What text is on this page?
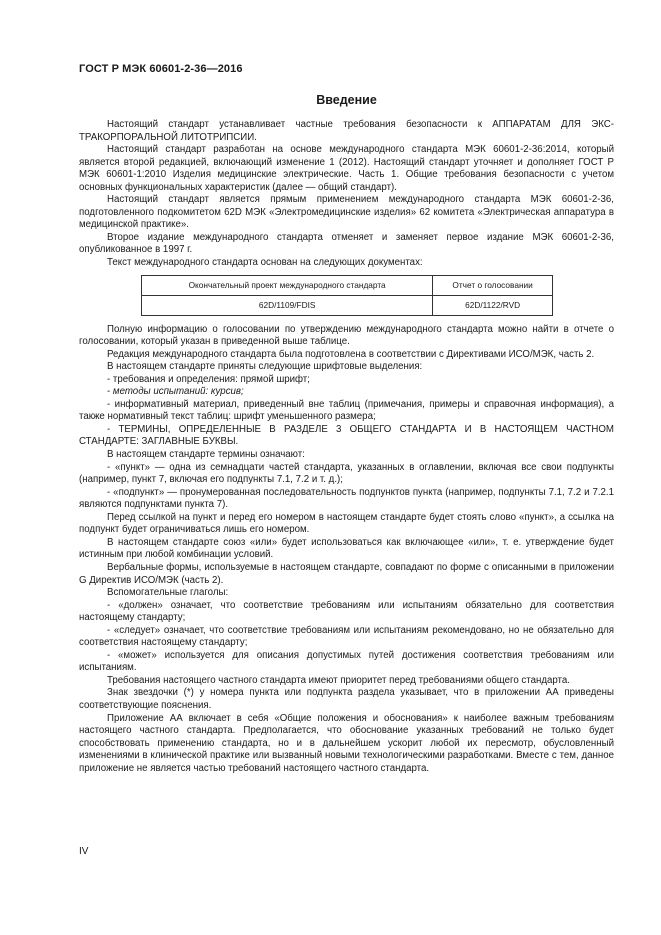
ГОСТ Р МЭК 60601-2-36—2016
Введение

Настоящий стандарт устанавливает частные требования безопасности к АППАРАТАМ ДЛЯ ЭКСТРАКОРПОРАЛЬНОЙ ЛИТОТРИПСИИ.

Настоящий стандарт разработан на основе международного стандарта МЭК 60601-2-36:2014, который является второй редакцией, включающий изменение 1 (2012). Настоящий стандарт уточняет и дополняет ГОСТ Р МЭК 60601-1:2010 Изделия медицинские электрические. Часть 1. Общие требования безопасности с учетом основных функциональных характеристик (далее — общий стандарт).

Настоящий стандарт является прямым применением международного стандарта МЭК 60601-2-36, подготовленного подкомитетом 62D МЭК «Электромедицинские изделия» 62 комитета «Электрическая аппаратура в медицинской практике».

Второе издание международного стандарта отменяет и заменяет первое издание МЭК 60601-2-36, опубликованное в 1997 г.

Текст международного стандарта основан на следующих документах:

Окончательный проект международного стандарта	Отчет о голосовании
62D/1109/FDIS	62D/1122/RVD

Полную информацию о голосовании по утверждению международного стандарта можно найти в отчете о голосовании, который указан в приведенной выше таблице.

Редакция международного стандарта была подготовлена в соответствии с Директивами ИСО/МЭК, часть 2.

В настоящем стандарте приняты следующие шрифтовые выделения:

- требования и определения: прямой шрифт;

- методы испытаний: курсив;

- информативный материал, приведенный вне таблиц (примечания, примеры и справочная информация), а также нормативный текст таблиц: шрифт уменьшенного размера;

- ТЕРМИНЫ, ОПРЕДЕЛЕННЫЕ В РАЗДЕЛЕ 3 ОБЩЕГО СТАНДАРТА И В НАСТОЯЩЕМ ЧАСТНОМ СТАНДАРТЕ: ЗАГЛАВНЫЕ БУКВЫ.

В настоящем стандарте термины означают:

- «пункт» — одна из семнадцати частей стандарта, указанных в оглавлении, включая все свои подпункты (например, пункт 7, включая его подпункты 7.1, 7.2 и т. д.);

- «подпункт» — пронумерованная последовательность подпунктов пункта (например, подпункты 7.1, 7.2 и 7.2.1 являются подпунктами пункта 7).

Перед ссылкой на пункт и перед его номером в настоящем стандарте будет стоять слово «пункт», а ссылка на подпункт будет ограничиваться лишь его номером.

В настоящем стандарте союз «или» будет использоваться как включающее «или», т. е. утверждение будет истинным при любой комбинации условий.

Вербальные формы, используемые в настоящем стандарте, совпадают по форме с описанными в приложении G Директив ИСО/МЭК (часть 2).

Вспомогательные глаголы:

- «должен» означает, что соответствие требованиям или испытаниям обязательно для соответствия настоящему стандарту;

- «следует» означает, что соответствие требованиям или испытаниям рекомендовано, но не обязательно для соответствия настоящему стандарту;

- «может» используется для описания допустимых путей достижения соответствия требованиям или испытаниям.

Требования настоящего частного стандарта имеют приоритет перед требованиями общего стандарта.

Знак звездочки (*) у номера пункта или подпункта раздела указывает, что в приложении АА приведены соответствующие пояснения.

Приложение АА включает в себя «Общие положения и обоснования» к наиболее важным требованиям настоящего частного стандарта. Предполагается, что обоснование указанных требований не только будет способствовать применению стандарта, но и в дальнейшем ускорит любой их пересмотр, обусловленный изменениями в клинической практике или вызванный новыми технологическими разработками. Вместе с тем, данное приложение не является частью требований настоящего частного стандарта.

IV
